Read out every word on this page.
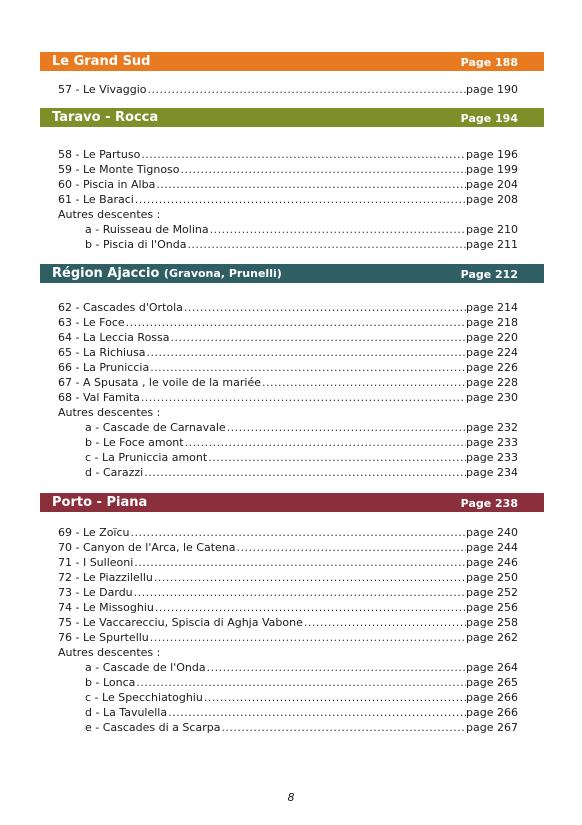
Le Grand Sud	Page 188
57 - Le Vivaggio .....	page 190
Taravo - Rocca	Page 194
58 - Le Partuso .....	page 196
59 - Le Monte Tignoso .....	page 199
60 - Piscia in Alba .....	page 204
61 - Le Baraci .....	page 208
Autres descentes :
a - Ruisseau de Molina .....	page 210
b - Piscia di l'Onda .....	page 211
Région Ajaccio (Gravona, Prunelli)	Page 212
62 - Cascades d'Ortola .....	page 214
63 - Le Foce .....	page 218
64 - La Leccia Rossa .....	page 220
65 - La Richiusa .....	page 224
66 - La Pruniccia .....	page 226
67 - A Spusata , le voile de la mariée .....	page 228
68 - Val Famita .....	page 230
Autres descentes :
a - Cascade de Carnavale .....	page 232
b - Le Foce amont .....	page 233
c - La Pruniccia amont .....	page 233
d - Carazzi .....	page 234
Porto - Piana	Page 238
69 - Le Zoïcu .....	page 240
70 - Canyon de l'Arca, le Catena .....	page 244
71 - I Sulleoni .....	page 246
72 - Le Piazzilellu .....	page 250
73 - Le Dardu .....	page 252
74 - Le Missoghiu .....	page 256
75 - Le Vaccarecciu, Spiscia di Aghja Vabone .....	page 258
76 - Le Spurtellu .....	page 262
Autres descentes :
a - Cascade de l'Onda .....	page 264
b - Lonca .....	page 265
c - Le Specchiatoghiu .....	page 266
d - La Tavulella .....	page 266
e - Cascades di a Scarpa .....	page 267
8
